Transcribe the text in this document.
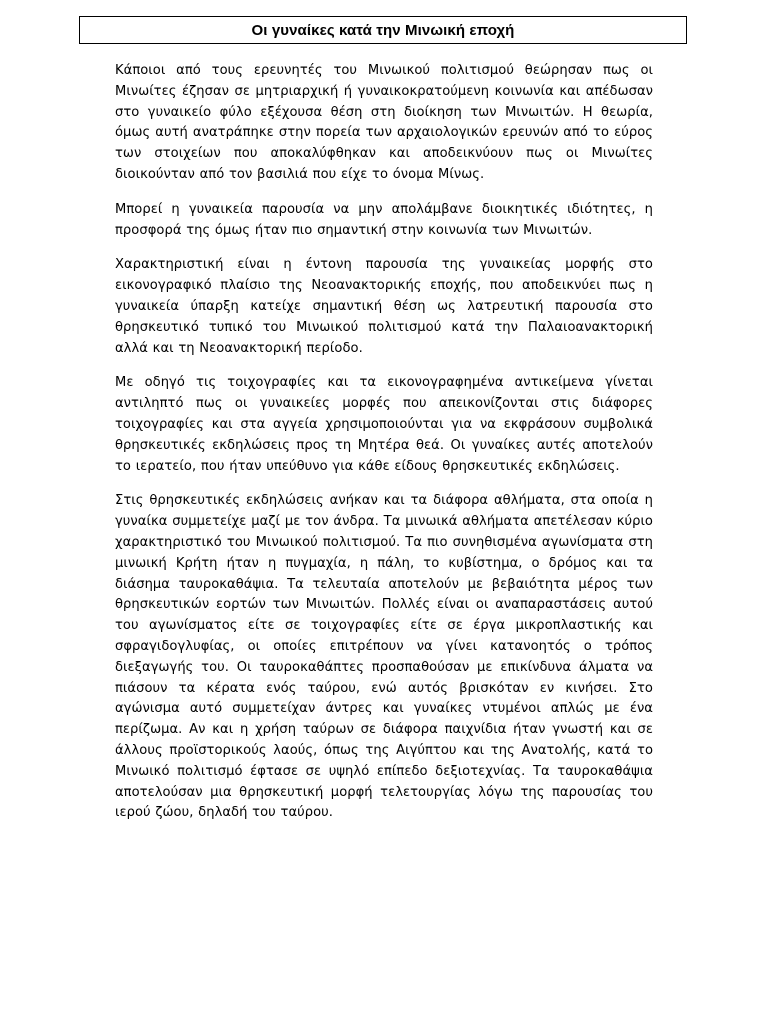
Οι γυναίκες κατά την Μινωική εποχή

Κάποιοι από τους ερευνητές του Μινωικού πολιτισμού θεώρησαν πως οι Μινωίτες έζησαν σε μητριαρχική ή γυναικοκρατούμενη κοινωνία και απέδωσαν στο γυναικείο φύλο εξέχουσα θέση στη διοίκηση των Μινωιτών. Η θεωρία, όμως αυτή ανατράπηκε στην πορεία των αρχαιολογικών ερευνών από το εύρος των στοιχείων που αποκαλύφθηκαν και αποδεικνύουν πως οι Μινωίτες διοικούνταν από τον βασιλιά που είχε το όνομα Μίνως.

Μπορεί η γυναικεία παρουσία να μην απολάμβανε διοικητικές ιδιότητες, η προσφορά της όμως ήταν πιο σημαντική στην κοινωνία των Μινωιτών.

Χαρακτηριστική είναι η έντονη παρουσία της γυναικείας μορφής στο εικονογραφικό πλαίσιο της Νεοανακτορικής εποχής, που αποδεικνύει πως η γυναικεία ύπαρξη κατείχε σημαντική θέση ως λατρευτική παρουσία στο θρησκευτικό τυπικό του Μινωικού πολιτισμού κατά την Παλαιοανακτορική αλλά και τη Νεοανακτορική περίοδο.

Με οδηγό τις τοιχογραφίες και τα εικονογραφημένα αντικείμενα γίνεται αντιληπτό πως οι γυναικείες μορφές που απεικονίζονται στις διάφορες τοιχογραφίες και στα αγγεία χρησιμοποιούνται για να εκφράσουν συμβολικά θρησκευτικές εκδηλώσεις προς τη Μητέρα θεά. Οι γυναίκες αυτές αποτελούν το ιερατείο, που ήταν υπεύθυνο για κάθε είδους θρησκευτικές εκδηλώσεις.

Στις θρησκευτικές εκδηλώσεις ανήκαν και τα διάφορα αθλήματα, στα οποία η γυναίκα συμμετείχε μαζί με τον άνδρα. Τα μινωικά αθλήματα απετέλεσαν κύριο χαρακτηριστικό του Μινωικού πολιτισμού. Τα πιο συνηθισμένα αγωνίσματα στη μινωική Κρήτη ήταν η πυγμαχία, η πάλη, το κυβίστημα, ο δρόμος και τα διάσημα ταυροκαθάψια. Τα τελευταία αποτελούν με βεβαιότητα μέρος των θρησκευτικών εορτών των Μινωιτών. Πολλές είναι οι αναπαραστάσεις αυτού του αγωνίσματος είτε σε τοιχογραφίες είτε σε έργα μικροπλαστικής και σφραγιδογλυφίας, οι οποίες επιτρέπουν να γίνει κατανοητός ο τρόπος διεξαγωγής του. Οι ταυροκαθάπτες προσπαθούσαν με επικίνδυνα άλματα να πιάσουν τα κέρατα ενός ταύρου, ενώ αυτός βρισκόταν εν κινήσει. Στο αγώνισμα αυτό συμμετείχαν άντρες και γυναίκες ντυμένοι απλώς με ένα περίζωμα. Αν και η χρήση ταύρων σε διάφορα παιχνίδια ήταν γνωστή και σε άλλους προϊστορικούς λαούς, όπως της Αιγύπτου και της Ανατολής, κατά το Μινωικό πολιτισμό έφτασε σε υψηλό επίπεδο δεξιοτεχνίας. Τα ταυροκαθάψια αποτελούσαν μια θρησκευτική μορφή τελετουργίας λόγω της παρουσίας του ιερού ζώου, δηλαδή του ταύρου.
